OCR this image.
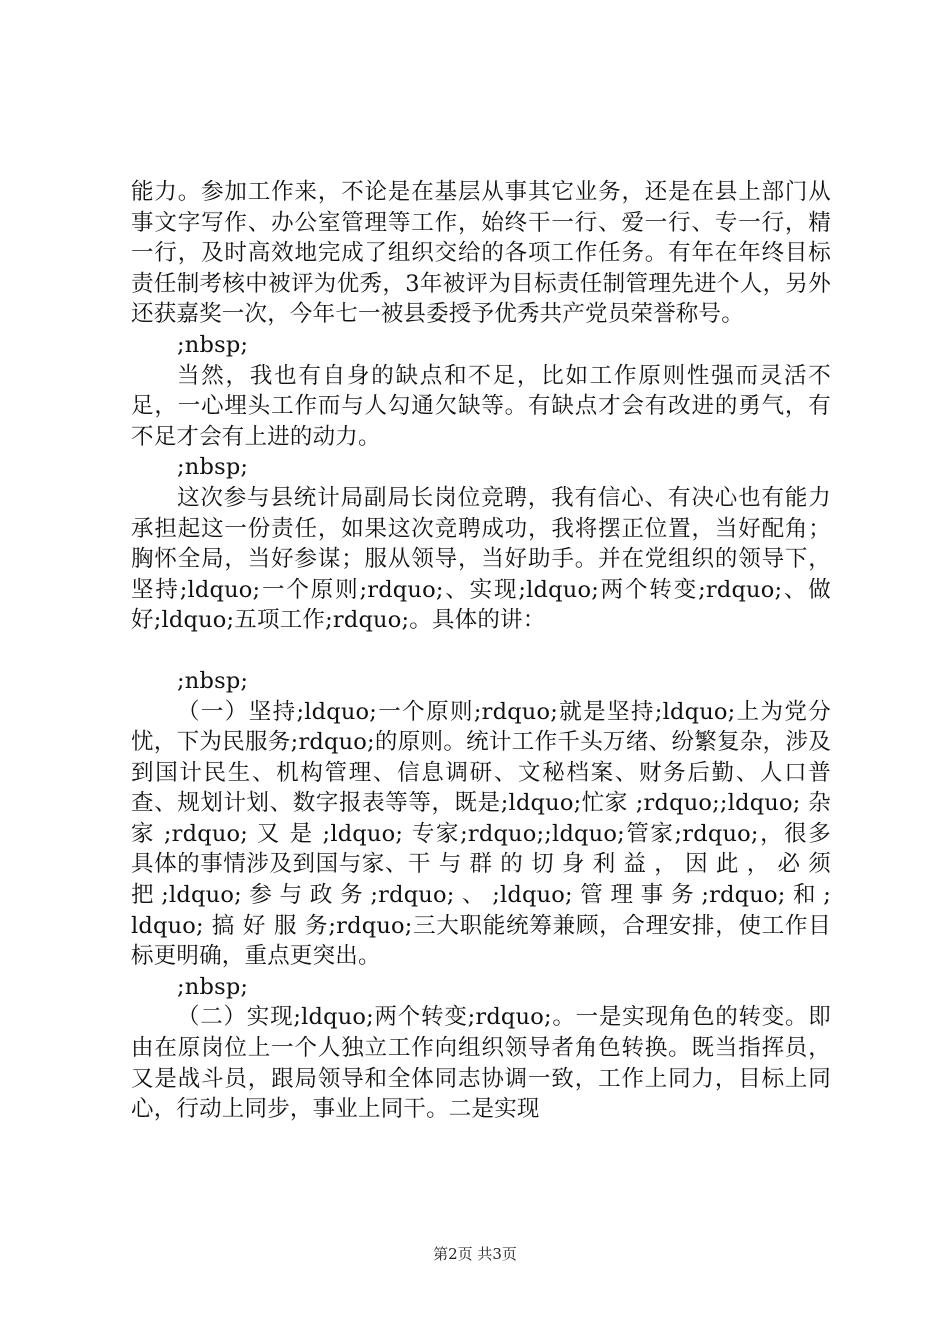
能力。参加工作来，不论是在基层从事其它业务，还是在县上部门从事文字写作、办公室管理等工作，始终干一行、爱一行、专一行，精一行，及时高效地完成了组织交给的各项工作任务。有年在年终目标责任制考核中被评为优秀，3年被评为目标责任制管理先进个人，另外还获嘉奖一次，今年七一被县委授予优秀共产党员荣誉称号。

;nbsp;

当然，我也有自身的缺点和不足，比如工作原则性强而灵活不足，一心埋头工作而与人勾通欠缺等。有缺点才会有改进的勇气，有不足才会有上进的动力。

;nbsp;

这次参与县统计局副局长岗位竞聘，我有信心、有决心也有能力承担起这一份责任，如果这次竞聘成功，我将摆正位置，当好配角；胸怀全局，当好参谋；服从领导，当好助手。并在党组织的领导下，坚持;ldquo;一个原则;rdquo;、实现;ldquo;两个转变;rdquo;、做好;ldquo;五项工作;rdquo;。具体的讲：

;nbsp;

（一）坚持;ldquo;一个原则;rdquo;就是坚持;ldquo;上为党分忧，下为民服务;rdquo;的原则。统计工作千头万绪、纷繁复杂，涉及到国计民生、机构管理、信息调研、文秘档案、财务后勤、人口普查、规划计划、数字报表等等，既是;ldquo;忙家 ;rdquo;;ldquo; 杂 家 ;rdquo; 又 是 ;ldquo; 专家;rdquo;;ldquo;管家;rdquo;，很多具体的事情涉及到国与家、干 与 群 的 切 身 利 益 ， 因 此 ， 必 须 把 ;ldquo; 参 与 政 务 ;rdquo; 、 ;ldquo; 管 理 事 务 ;rdquo; 和 ;ldquo; 搞 好 服 务;rdquo;三大职能统筹兼顾，合理安排，使工作目标更明确，重点更突出。

;nbsp;

（二）实现;ldquo;两个转变;rdquo;。一是实现角色的转变。即由在原岗位上一个人独立工作向组织领导者角色转换。既当指挥员，又是战斗员，跟局领导和全体同志协调一致，工作上同力，目标上同心，行动上同步，事业上同干。二是实现

第2页 共3页
